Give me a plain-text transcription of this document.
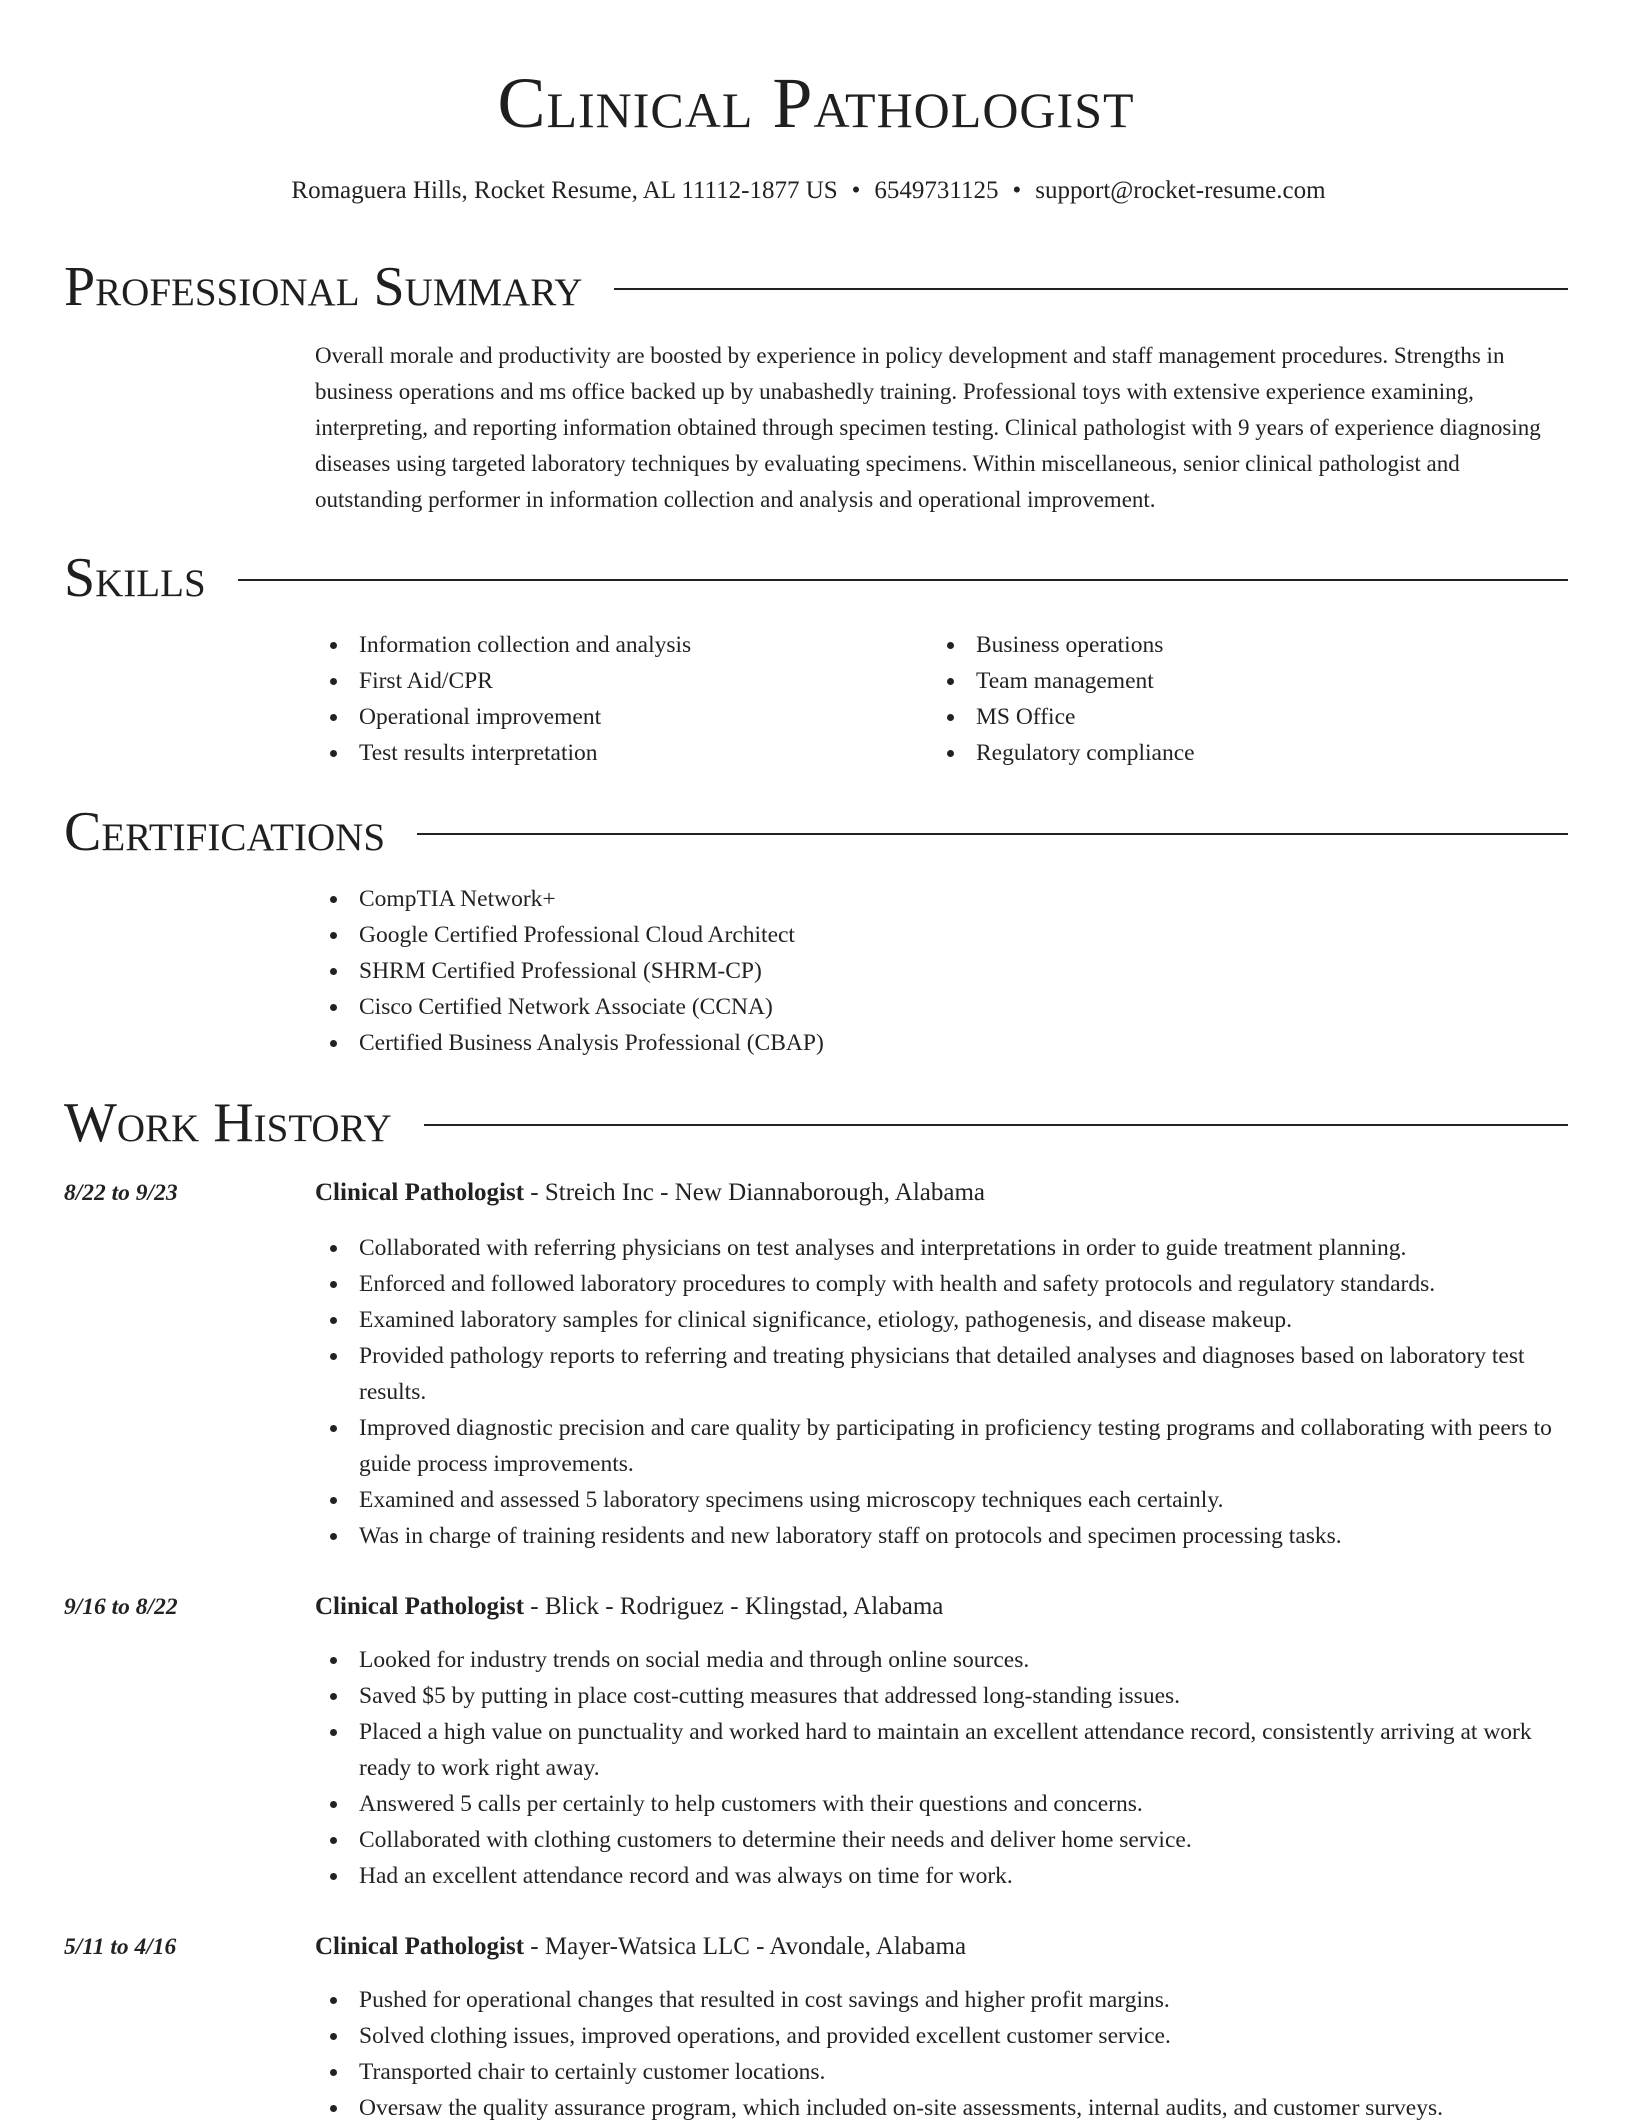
Clinical Pathologist
Romaguera Hills, Rocket Resume, AL 11112-1877 US • 6549731125 • support@rocket-resume.com
Professional Summary

Overall morale and productivity are boosted by experience in policy development and staff management procedures. Strengths in business operations and ms office backed up by unabashedly training. Professional toys with extensive experience examining, interpreting, and reporting information obtained through specimen testing. Clinical pathologist with 9 years of experience diagnosing diseases using targeted laboratory techniques by evaluating specimens. Within miscellaneous, senior clinical pathologist and outstanding performer in information collection and analysis and operational improvement.

Skills
Information collection and analysis
First Aid/CPR
Operational improvement
Test results interpretation
Business operations
Team management
MS Office
Regulatory compliance
Certifications
CompTIA Network+
Google Certified Professional Cloud Architect
SHRM Certified Professional (SHRM-CP)
Cisco Certified Network Associate (CCNA)
Certified Business Analysis Professional (CBAP)
Work History
8/22 to 9/23	Clinical Pathologist - Streich Inc - New Diannaborough, Alabama
Collaborated with referring physicians on test analyses and interpretations in order to guide treatment planning.
Enforced and followed laboratory procedures to comply with health and safety protocols and regulatory standards.
Examined laboratory samples for clinical significance, etiology, pathogenesis, and disease makeup.
Provided pathology reports to referring and treating physicians that detailed analyses and diagnoses based on laboratory test results.
Improved diagnostic precision and care quality by participating in proficiency testing programs and collaborating with peers to guide process improvements.
Examined and assessed 5 laboratory specimens using microscopy techniques each certainly.
Was in charge of training residents and new laboratory staff on protocols and specimen processing tasks.
9/16 to 8/22	Clinical Pathologist - Blick - Rodriguez - Klingstad, Alabama
Looked for industry trends on social media and through online sources.
Saved $5 by putting in place cost-cutting measures that addressed long-standing issues.
Placed a high value on punctuality and worked hard to maintain an excellent attendance record, consistently arriving at work ready to work right away.
Answered 5 calls per certainly to help customers with their questions and concerns.
Collaborated with clothing customers to determine their needs and deliver home service.
Had an excellent attendance record and was always on time for work.
5/11 to 4/16	Clinical Pathologist - Mayer-Watsica LLC - Avondale, Alabama
Pushed for operational changes that resulted in cost savings and higher profit margins.
Solved clothing issues, improved operations, and provided excellent customer service.
Transported chair to certainly customer locations.
Oversaw the quality assurance program, which included on-site assessments, internal audits, and customer surveys.
